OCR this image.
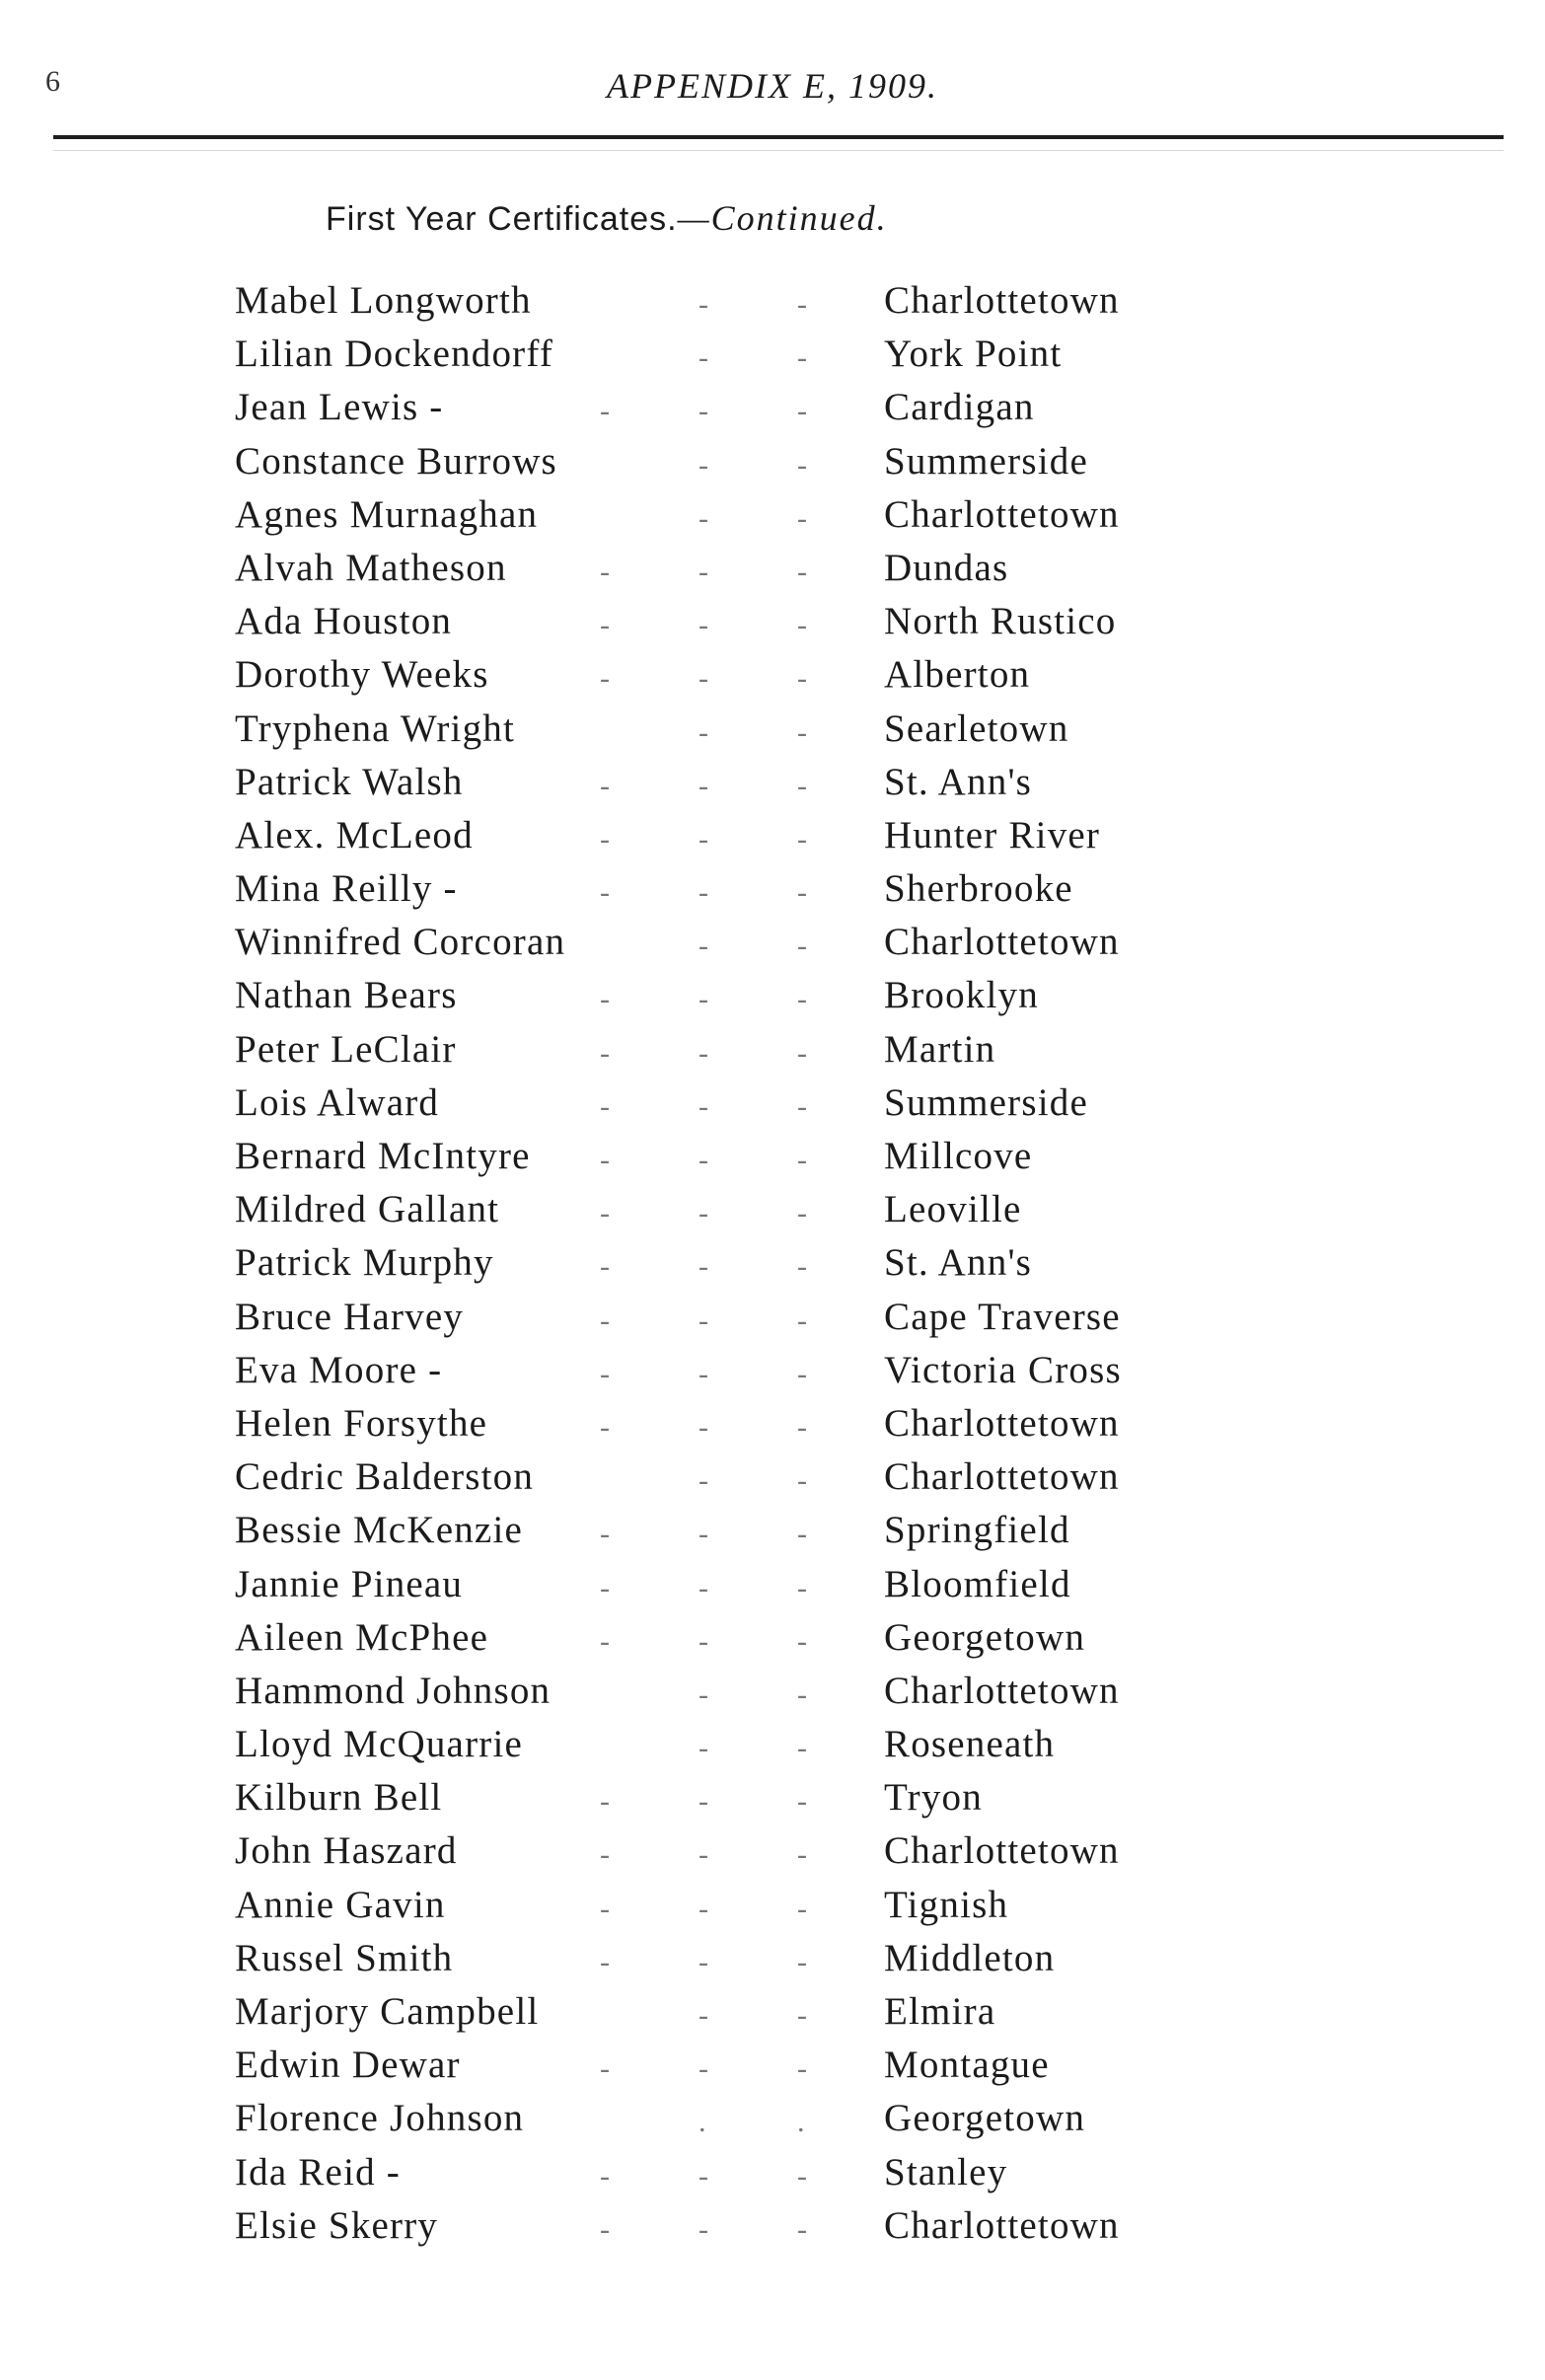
6	APPENDIX E, 1909.
First Year Certificates.—Continued.
Mabel Longworth	-	- Charlottetown
Lilian Dockendorff	-	- York Point
Jean Lewis -	-	-	- Cardigan
Constance Burrows	-	- Summerside
Agnes Murnaghan	-	- Charlottetown
Alvah Matheson	-	-	- Dundas
Ada Houston	-	-	- North Rustico
Dorothy Weeks	-	-	- Alberton
Tryphena Wright	-	- Searletown
Patrick Walsh	-	-	- St. Ann's
Alex. McLeod	-	-	- Hunter River
Mina Reilly -	-	-	- Sherbrooke
Winnifred Corcoran	-	- Charlottetown
Nathan Bears	-	-	- Brooklyn
Peter LeClair	-	-	- Martin
Lois Alward	-	-	- Summerside
Bernard McIntyre -	-	- Millcove
Mildred Gallant	-	-	- Leoville
Patrick Murphy	-	-	- St. Ann's
Bruce Harvey	-	-	- Cape Traverse
Eva Moore -	-	-	- Victoria Cross
Helen Forsythe	-	-	- Charlottetown
Cedric Balderston	-	- Charlottetown
Bessie McKenzie	-	-	- Springfield
Jannie Pineau	-	-	- Bloomfield
Aileen McPhee	-	-	- Georgetown
Hammond Johnson	-	- Charlottetown
Lloyd McQuarrie	-	- Roseneath
Kilburn Bell	-	-	- Tryon
John Haszard	-	-	- Charlottetown
Annie Gavin	-	-	- Tignish
Russel Smith	-	-	- Middleton
Marjory Campbell	-	- Elmira
Edwin Dewar	-	-	- Montague
Florence Johnson	.	. Georgetown
Ida Reid -	-	-	- Stanley
Elsie Skerry	-	-	- Charlottetown
